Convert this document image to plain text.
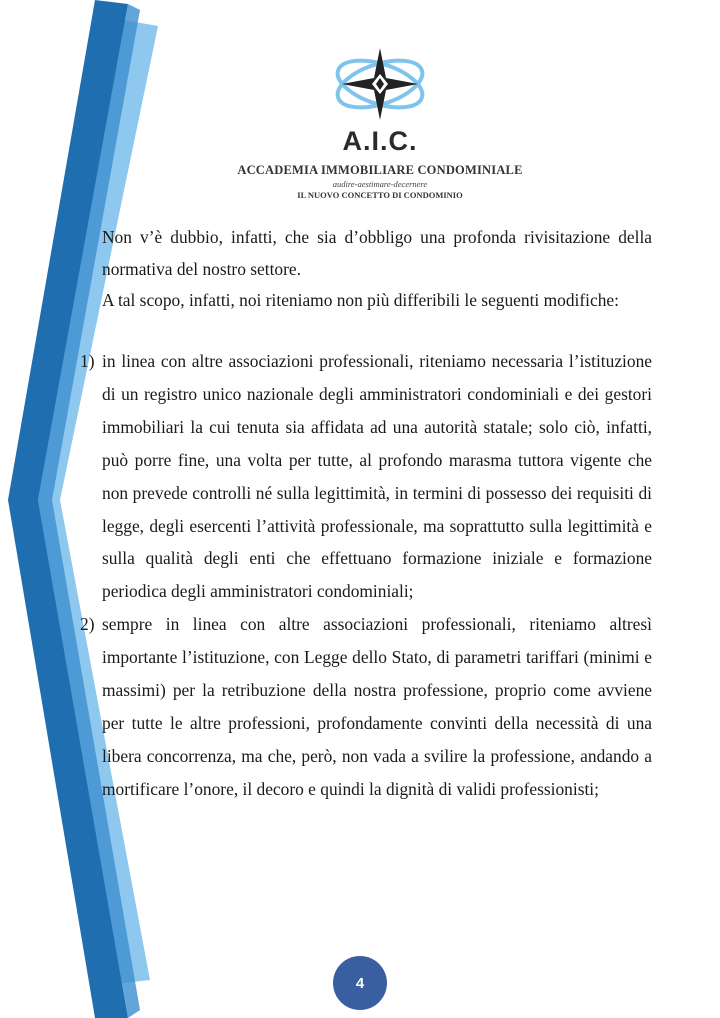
A.I.C.
ACCADEMIA IMMOBILIARE CONDOMINIALE
audire-aestimare-decernere
IL NUOVO CONCETTO DI CONDOMINIO

Non v’è dubbio, infatti, che sia d’obbligo una profonda rivisitazione della normativa del nostro settore.

A tal scopo, infatti, noi riteniamo non più differibili le seguenti modifiche:

1) in linea con altre associazioni professionali, riteniamo necessaria l’istituzione di un registro unico nazionale degli amministratori condominiali e dei gestori immobiliari la cui tenuta sia affidata ad una autorità statale; solo ciò, infatti, può porre fine, una volta per tutte, al profondo marasma tuttora vigente che non prevede controlli né sulla legittimità, in termini di possesso dei requisiti di legge, degli esercenti l’attività professionale, ma soprattutto sulla legittimità e sulla qualità degli enti che effettuano formazione iniziale e formazione periodica degli amministratori condominiali;

2) sempre in linea con altre associazioni professionali, riteniamo altresì importante l’istituzione, con Legge dello Stato, di parametri tariffari (minimi e massimi) per la retribuzione della nostra professione, proprio come avviene per tutte le altre professioni, profondamente convinti della necessità di una libera concorrenza, ma che, però, non vada a svilire la professione, andando a mortificare l’onore, il decoro e quindi la dignità di validi professionisti;

4
